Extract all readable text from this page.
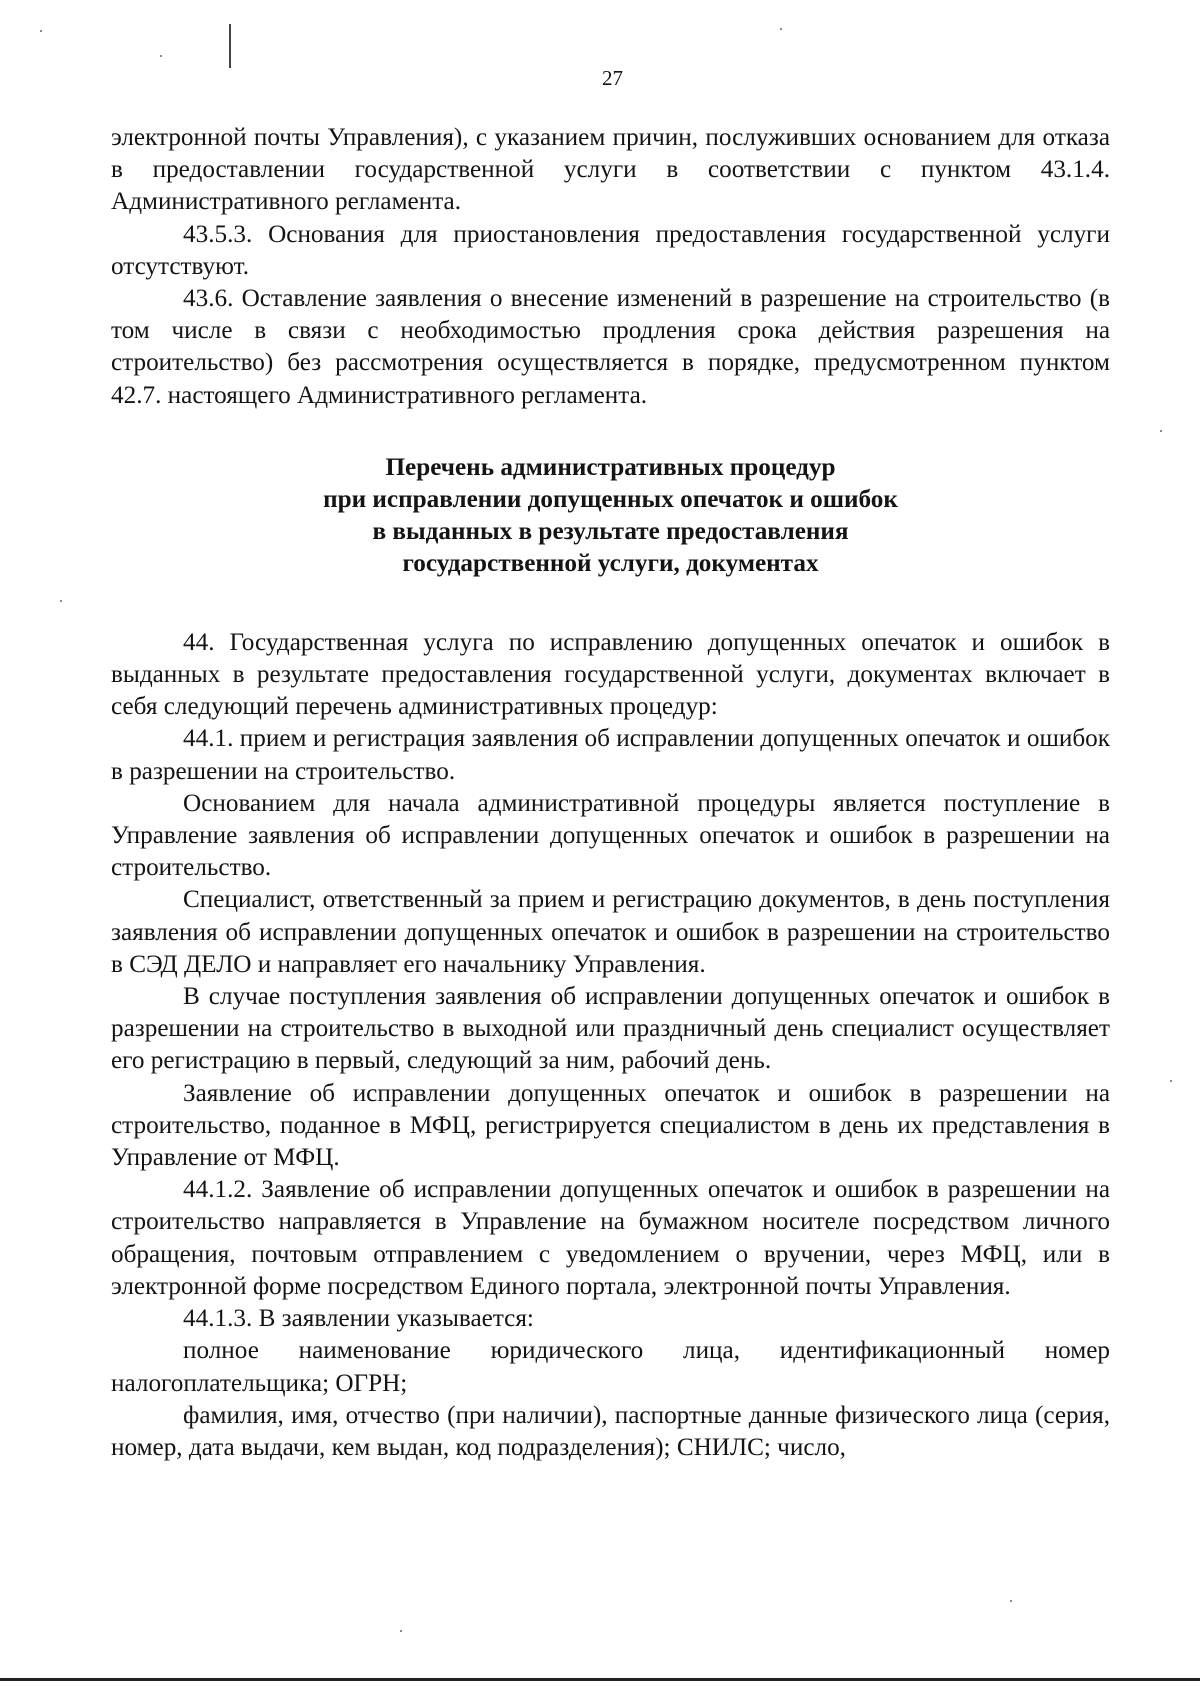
27

электронной почты Управления), с указанием причин, послуживших основанием для отказа в предоставлении государственной услуги в соответствии с пунктом 43.1.4. Административного регламента.

43.5.3. Основания для приостановления предоставления государственной услуги отсутствуют.

43.6. Оставление заявления о внесение изменений в разрешение на строительство (в том числе в связи с необходимостью продления срока действия разрешения на строительство) без рассмотрения осуществляется в порядке, предусмотренном пунктом 42.7. настоящего Административного регламента.

Перечень административных процедур
при исправлении допущенных опечаток и ошибок
в выданных в результате предоставления
государственной услуги, документах

44. Государственная услуга по исправлению допущенных опечаток и ошибок в выданных в результате предоставления государственной услуги, документах включает в себя следующий перечень административных процедур:

44.1. прием и регистрация заявления об исправлении допущенных опечаток и ошибок в разрешении на строительство.

Основанием для начала административной процедуры является поступление в Управление заявления об исправлении допущенных опечаток и ошибок в разрешении на строительство.

Специалист, ответственный за прием и регистрацию документов, в день поступления заявления об исправлении допущенных опечаток и ошибок в разрешении на строительство в СЭД ДЕЛО и направляет его начальнику Управления.

В случае поступления заявления об исправлении допущенных опечаток и ошибок в разрешении на строительство в выходной или праздничный день специалист осуществляет его регистрацию в первый, следующий за ним, рабочий день.

Заявление об исправлении допущенных опечаток и ошибок в разрешении на строительство, поданное в МФЦ, регистрируется специалистом в день их представления в Управление от МФЦ.

44.1.2. Заявление об исправлении допущенных опечаток и ошибок в разрешении на строительство направляется в Управление на бумажном носителе посредством личного обращения, почтовым отправлением с уведомлением о вручении, через МФЦ, или в электронной форме посредством Единого портала, электронной почты Управления.

44.1.3. В заявлении указывается:

полное наименование юридического лица, идентификационный номер налогоплательщика; ОГРН;

фамилия, имя, отчество (при наличии), паспортные данные физического лица (серия, номер, дата выдачи, кем выдан, код подразделения); СНИЛС; число,
